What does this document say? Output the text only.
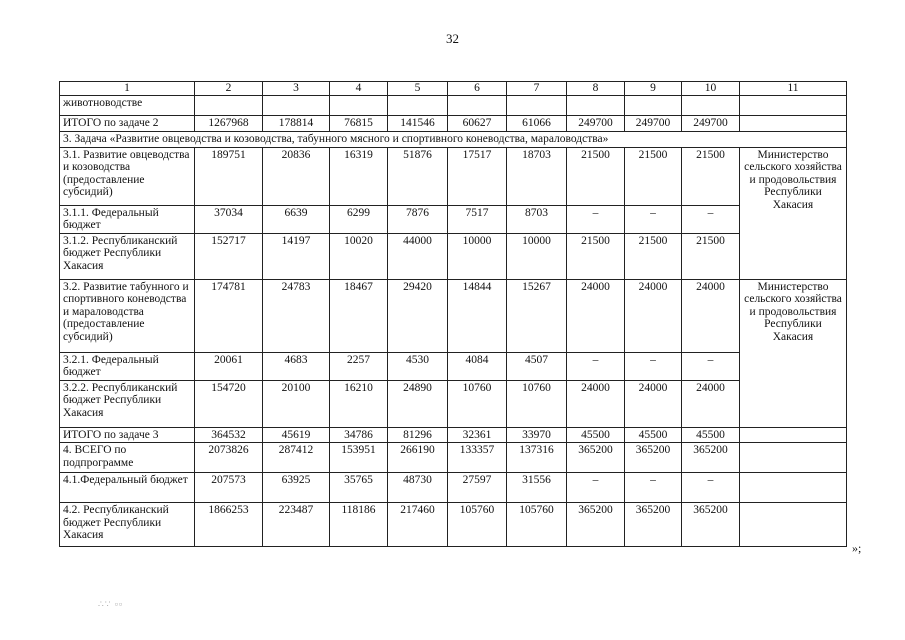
32
1	2	3	4	5	6	7	8	9	10	11
животноводстве										
ИТОГО по задаче 2	1267968	178814	76815	141546	60627	61066	249700	249700	249700	
3. Задача «Развитие овцеводства и козоводства, табунного мясного и спортивного коневодства, мараловодства»										
3.1. Развитие овцеводства и козоводства (предоставление субсидий)	189751	20836	16319	51876	17517	18703	21500	21500	21500	Министерство сельского хозяйства и продовольствия Республики Хакасия
3.1.1. Федеральный бюджет	37034	6639	6299	7876	7517	8703	–	–	–	
3.1.2. Республиканский бюджет Республики Хакасия	152717	14197	10020	44000	10000	10000	21500	21500	21500	
3.2. Развитие табунного и спортивного коневодства и мараловодства (предоставление субсидий)	174781	24783	18467	29420	14844	15267	24000	24000	24000	Министерство сельского хозяйства и продовольствия Республики Хакасия
3.2.1. Федеральный бюджет	20061	4683	2257	4530	4084	4507	–	–	–	
3.2.2. Республиканский бюджет Республики Хакасия	154720	20100	16210	24890	10760	10760	24000	24000	24000	
ИТОГО по задаче 3	364532	45619	34786	81296	32361	33970	45500	45500	45500	
4. ВСЕГО по подпрограмме	2073826	287412	153951	266190	133357	137316	365200	365200	365200	
4.1.Федеральный бюджет	207573	63925	35765	48730	27597	31556	–	–	–	
4.2. Республиканский бюджет Республики Хакасия	1866253	223487	118186	217460	105760	105760	365200	365200	365200	
»;
∴∵ ▫▫
